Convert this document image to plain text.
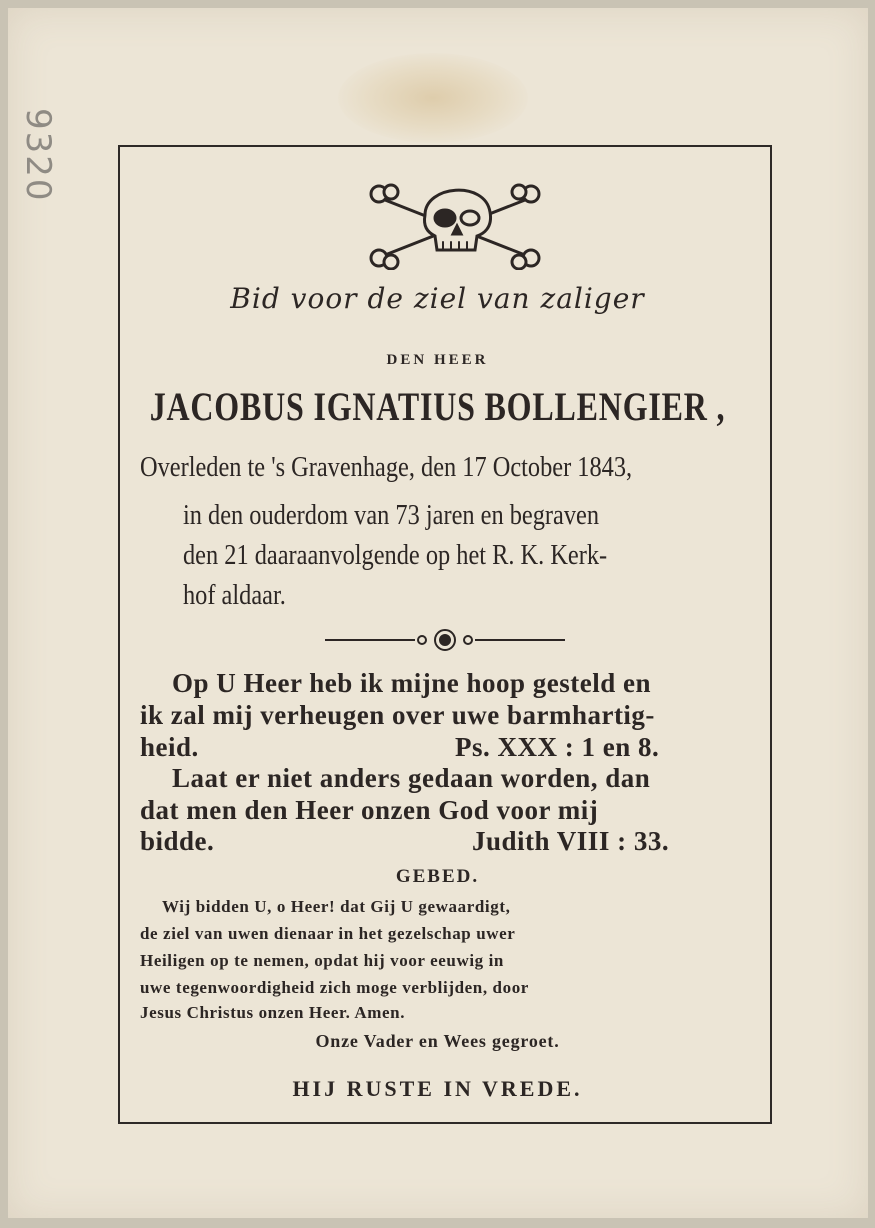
9320
Bid voor de ziel van zaliger
DEN HEER
JACOBUS IGNATIUS BOLLENGIER ,
Overleden te 's Gravenhage, den 17 October 1843,
in den ouderdom van 73 jaren en begraven
den 21 daaraanvolgende op het R. K. Kerk-
hof aldaar.
Op U Heer heb ik mijne hoop gesteld en
ik zal mij verheugen over uwe barmhartig-
heid.	Ps. XXX : 1 en 8.
Laat er niet anders gedaan worden, dan
dat men den Heer onzen God voor mij
bidde.	Judith VIII : 33.
GEBED.
Wij bidden U, o Heer! dat Gij U gewaardigt,
de ziel van uwen dienaar in het gezelschap uwer
Heiligen op te nemen, opdat hij voor eeuwig in
uwe tegenwoordigheid zich moge verblijden, door
Jesus Christus onzen Heer. Amen.
Onze Vader en Wees gegroet.
HIJ RUSTE IN VREDE.
